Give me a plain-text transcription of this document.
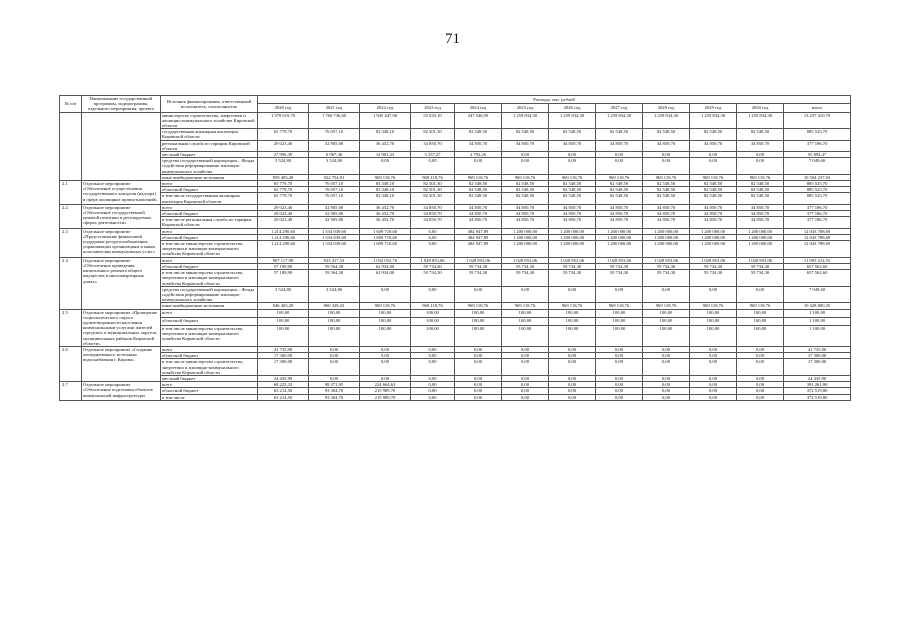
71
№ п/п	Наименование государственной программы, подпрограммы, отдельного мероприятия, проекта	Источник финансирования, ответственный исполнитель, соисполнитель	Расходы, тыс. рублей											
			2020 год	2021 год	2022 год	2023 год	2024 год	2025 год	2026 год	2027 год	2028 год	2029 год	2030 год	итого
		министерство строительства, энергетики и жилищно-коммунального хозяйства Кировской области	1 379 619,70	1 760 736,60	1 945 447,00	55 035,10	347 546,59	1 259 834,30	1 259 834,30	1 259 834,30	1 259 834,30	1 259 834,30	1 259 834,30	13 257 410,79
		государственная жилищная инспекция Кировской области	65 779,70	76 057,10	83 348,10	82 501,30	82 548,50	82 548,50	82 548,50	82 548,50	82 548,50	82 548,50	82 548,50	885 525,70
		региональная служба по тарифам Кировской области	29 023,40	32 905,00	36 452,70	34 850,70	34 850,70	34 850,70	34 850,70	34 850,70	34 850,70	34 850,70	34 850,70	377 186,70
		местный бюджет	27 996,39	6 967,36	12 901,23	5 237,27	2 792,26	0,00	0,00	0,00	0,00	0,00	0,00	55 894,47
		средства государственной корпорации – Фонда содействия реформированию жилищно-коммунального хозяйства	3 524,80	3 524,80	0,00	0,00	0,00	0,00	0,00	0,00	0,00	0,00	0,00	7 049,60
		иные внебюджетные источники	859 403,28	922 754,91	969 118,76	969 118,76	969 118,76	969 118,76	969 118,76	969 118,76	969 118,76	969 118,76	969 118,76	10 504 237,03
2.1	Отдельное мероприятие «Обеспечение осуществления государственного контроля (надзора) в сфере жилищных правоотношений»	всего	65 779,70	76 057,10	83 348,10	82 501,30	82 548,50	82 548,50	82 548,50	82 548,50	82 548,50	82 548,50	82 548,50	885 525,70
		областной бюджет	65 779,70	76 057,10	83 348,10	82 501,30	82 548,50	82 548,50	82 548,50	82 548,50	82 548,50	82 548,50	82 548,50	885 525,70
		в том числе государственная жилищная инспекция Кировской области	65 779,70	76 057,10	83 348,10	82 501,30	82 548,50	82 548,50	82 548,50	82 548,50	82 548,50	82 548,50	82 548,50	885 525,70
2.2	Отдельное мероприятие «Обеспечение государственной ценовой политики в регулируемых сферах деятельности»	всего	29 023,40	32 905,00	36 452,70	34 850,70	34 850,70	34 850,70	34 850,70	34 850,70	34 850,70	34 850,70	34 850,70	377 186,70
		областной бюджет	29 023,40	32 905,00	36 452,70	34 850,70	34 850,70	34 850,70	34 850,70	34 850,70	34 850,70	34 850,70	34 850,70	377 186,70
		в том числе региональная служба по тарифам Кировской области	29 023,40	32 905,00	36 452,70	34 850,70	34 850,70	34 850,70	34 850,70	34 850,70	34 850,70	34 850,70	34 850,70	377 186,70
2.3	Отдельное мероприятие «Предоставление финансовой поддержки ресурсоснабжающим, управляющим организациям и иным исполнителям коммунальных услуг»	всего	1 214 290,60	1 534 839,60	1 609 710,60	0,00	484 947,89	1 200 000,00	1 200 000,00	1 200 000,00	1 200 000,00	1 200 000,00	1 200 000,00	12 043 788,69
		областной бюджет	1 214 290,60	1 534 839,60	1 609 710,60	0,00	484 947,89	1 200 000,00	1 200 000,00	1 200 000,00	1 200 000,00	1 200 000,00	1 200 000,00	12 043 788,69
		в том числе министерство строительства, энергетики и жилищно-коммунального хозяйства Кировской области	1 214 290,60	1 534 839,60	1 609 710,60	0,00	484 947,89	1 200 000,00	1 200 000,00	1 200 000,00	1 200 000,00	1 200 000,00	1 200 000,00	12 043 788,69
2.4	Отдельное мероприятие «Обеспечение проведения капитального ремонта общего имущества в многоквартирных домах»	всего	907 117,98	923 417,33	1 032 052,76	1 028 853,06	1 028 853,06	1 028 853,06	1 028 853,06	1 028 853,06	1 028 853,06	1 028 853,06	1 028 853,06	11 093 412,55
		областной бюджет	57 189,90	59 564,30	62 934,00	59 734,30	59 734,30	59 734,30	59 734,30	59 734,30	59 734,30	59 734,30	59 734,30	657 562,60
		в том числе министерство строительства, энергетики и жилищно-коммунального хозяйства Кировской области	57 189,90	59 564,30	62 934,00	59 734,30	59 734,30	59 734,30	59 734,30	59 734,30	59 734,30	59 734,30	59 734,30	657 562,60
		средства государственной корпорации – Фонда содействия реформированию жилищно-коммунального хозяйства	3 524,80	3 524,80	0,00	0,00	0,00	0,00	0,00	0,00	0,00	0,00	0,00	7 049,60
		иные внебюджетные источники	846 403,28	860 328,23	969 118,76	969 118,76	969 118,76	969 118,76	969 118,76	969 118,76	969 118,76	969 118,76	969 118,76	10 428 800,35
2.5	Отдельное мероприятие «Проведение социологического опроса удовлетворенности населения коммунальными услугами жителей городских и муниципальных округов, муниципальных районов Кировской области»	всего	100,00	100,00	100,00	100,00	100,00	100,00	100,00	100,00	100,00	100,00	100,00	1 100,00
		областной бюджет	100,00	100,00	100,00	100,00	100,00	100,00	100,00	100,00	100,00	100,00	100,00	1 100,00
		в том числе министерство строительства, энергетики и жилищно-коммунального хозяйства Кировской области	100,00	100,00	100,00	100,00	100,00	100,00	100,00	100,00	100,00	100,00	100,00	1 100,00
2.6	Отдельное мероприятие «Создание альтернативного источника водоснабжения г. Кирова»	всего	41 735,90	0,00	0,00	0,00	0,00	0,00	0,00	0,00	0,00	0,00	0,00	41 735,90
		областной бюджет	17 300,00	0,00	0,00	0,00	0,00	0,00	0,00	0,00	0,00	0,00	0,00	17 300,00
		в том числе министерство строительства, энергетики и жилищно-коммунального хозяйства Кировской области	17 300,00	0,00	0,00	0,00	0,00	0,00	0,00	0,00	0,00	0,00	0,00	17 300,00
		местный бюджет	24 435,90	0,00	0,00	0,00	0,00	0,00	0,00	0,00	0,00	0,00	0,00	24 435,90
2.7	Отдельное мероприятие «Обеспечение подготовки объектов коммунальной инфраструктуры	всего	68 225,32	98 371,95	224 664,63	0,00	0,00	0,00	0,00	0,00	0,00	0,00	0,00	391 261,90
		областной бюджет	63 214,50	93 304,70	215 989,70	0,00	0,00	0,00	0,00	0,00	0,00	0,00	0,00	372 519,80
		в том числе	63 214,50	93 304,70	215 989,70	0,00	0,00	0,00	0,00	0,00	0,00	0,00	0,00	372 519,80
